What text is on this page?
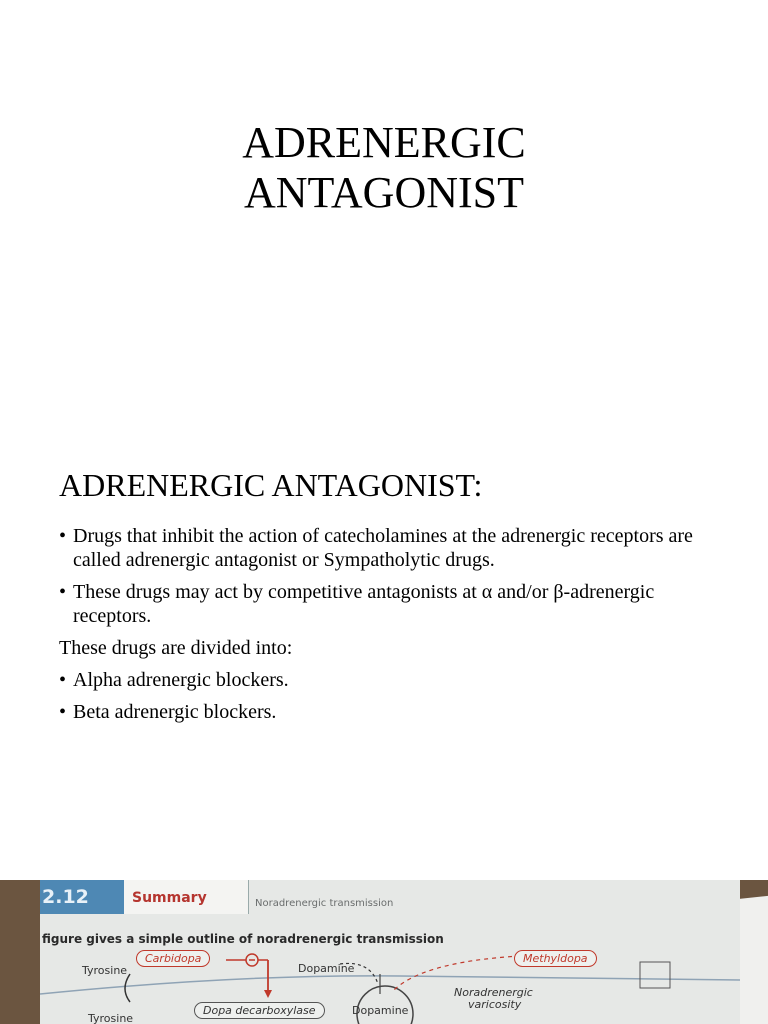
ADRENERGIC
ANTAGONIST
ADRENERGIC ANTAGONIST:
• Drugs that inhibit the action of catecholamines at the adrenergic receptors are called adrenergic antagonist or Sympatholytic drugs.
• These drugs may act by competitive antagonists at α and/or β-adrenergic receptors.
These drugs are divided into:
• Alpha adrenergic blockers.
• Beta adrenergic blockers.
2.12	Summary	Noradrenergic transmission
figure gives a simple outline of noradrenergic transmission
Tyrosine
Tyrosine
Carbidopa
Dopamine
Dopa decarboxylase	Dopamine
Methyldopa
Noradrenergic
varicosity
